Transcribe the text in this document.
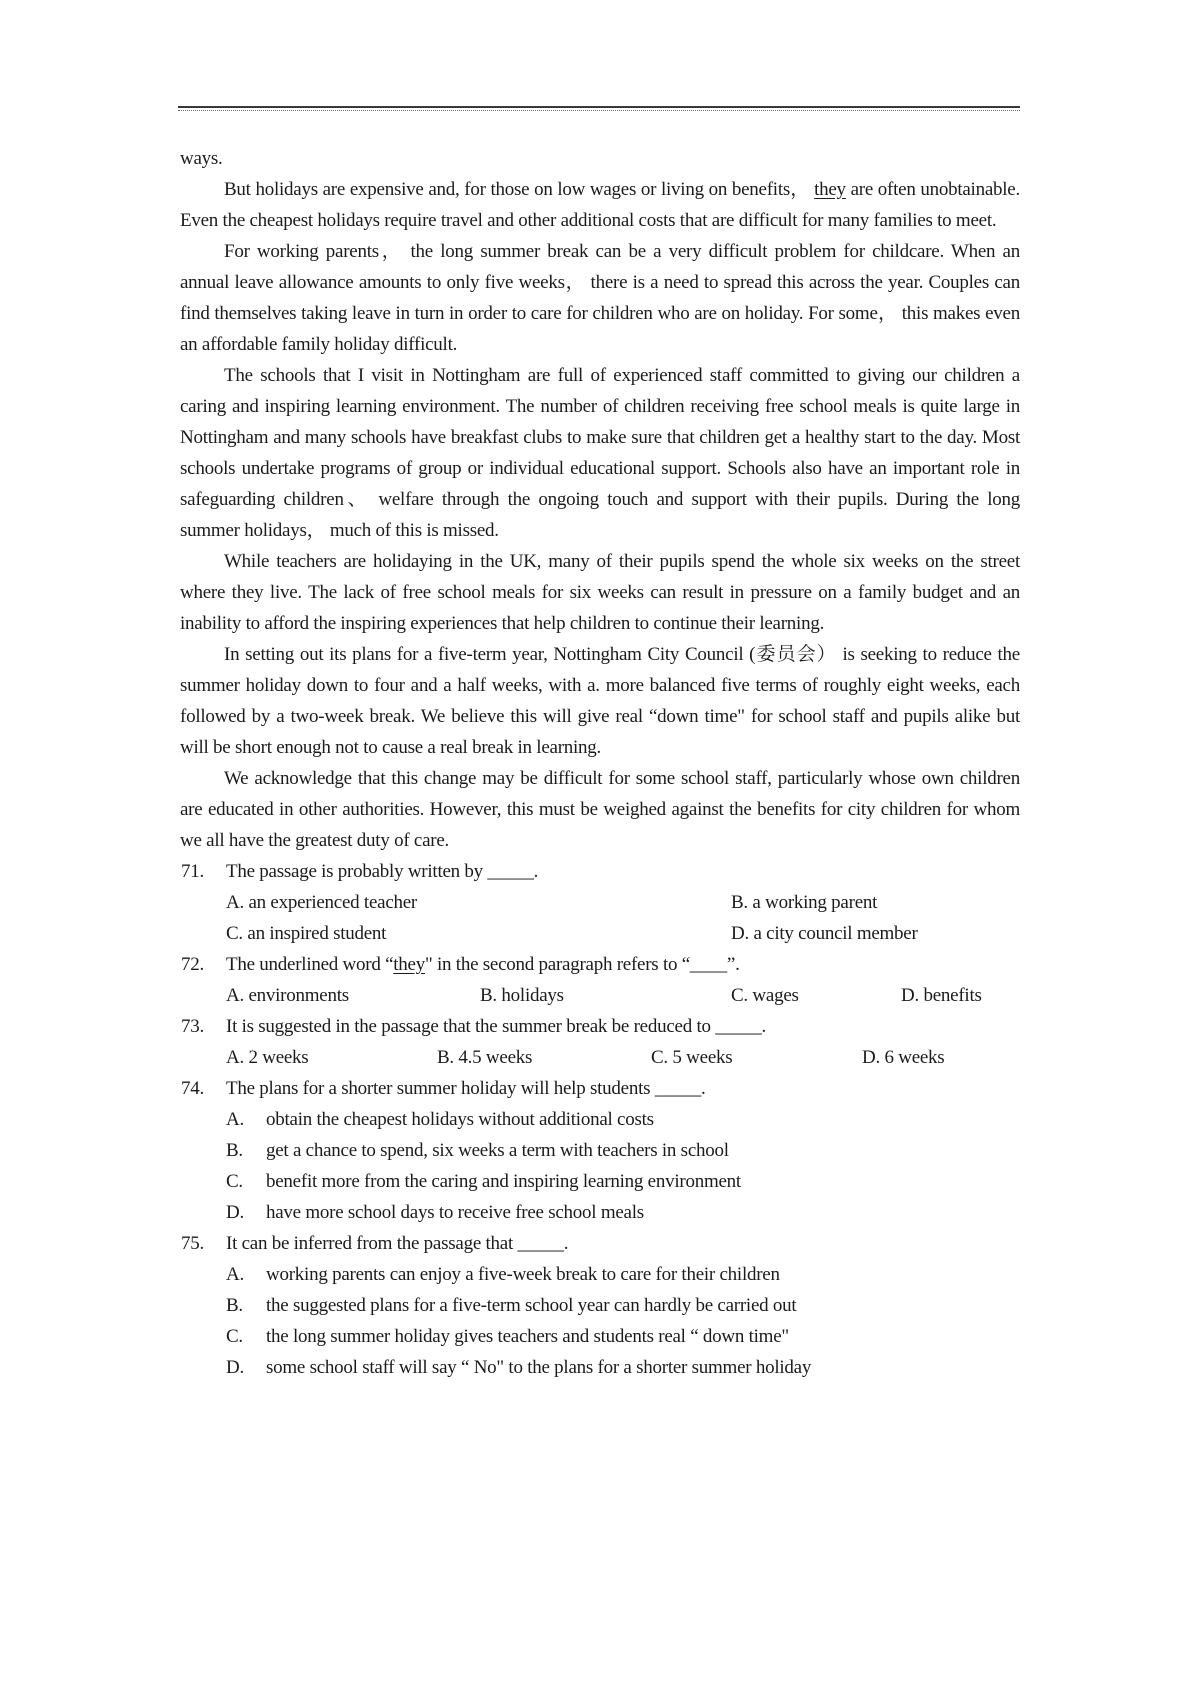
ways.

But holidays are expensive and, for those on low wages or living on benefits， they are often unobtainable. Even the cheapest holidays require travel and other additional costs that are difficult for many families to meet.

For working parents， the long summer break can be a very difficult problem for childcare. When an annual leave allowance amounts to only five weeks， there is a need to spread this across the year. Couples can find themselves taking leave in turn in order to care for children who are on holiday. For some， this makes even an affordable family holiday difficult.

The schools that I visit in Nottingham are full of experienced staff committed to giving our children a caring and inspiring learning environment. The number of children receiving free school meals is quite large in Nottingham and many schools have breakfast clubs to make sure that children get a healthy start to the day. Most schools undertake programs of group or individual educational support. Schools also have an important role in safeguarding children、 welfare through the ongoing touch and support with their pupils. During the long summer holidays， much of this is missed.

While teachers are holidaying in the UK, many of their pupils spend the whole six weeks on the street where they live. The lack of free school meals for six weeks can result in pressure on a family budget and an inability to afford the inspiring experiences that help children to continue their learning.

In setting out its plans for a five-term year, Nottingham City Council (委员会） is seeking to reduce the summer holiday down to four and a half weeks, with a. more balanced five terms of roughly eight weeks, each followed by a two-week break. We believe this will give real “down time" for school staff and pupils alike but will be short enough not to cause a real break in learning.

We acknowledge that this change may be difficult for some school staff, particularly whose own children are educated in other authorities. However, this must be weighed against the benefits for city children for whom we all have the greatest duty of care.

71. The passage is probably written by _____.
A. an experienced teacher	B. a working parent
C. an inspired student	D. a city council member
72. The underlined word “they" in the second paragraph refers to “____”.
A. environments	B. holidays	C. wages	D. benefits
73. It is suggested in the passage that the summer break be reduced to _____.
A. 2 weeks	B. 4.5 weeks	C. 5 weeks	D. 6 weeks
74. The plans for a shorter summer holiday will help students _____.
A. obtain the cheapest holidays without additional costs
B. get a chance to spend, six weeks a term with teachers in school
C. benefit more from the caring and inspiring learning environment
D. have more school days to receive free school meals
75. It can be inferred from the passage that _____.
A. working parents can enjoy a five-week break to care for their children
B. the suggested plans for a five-term school year can hardly be carried out
C. the long summer holiday gives teachers and students real “ down time"
D. some school staff will say “ No" to the plans for a shorter summer holiday
